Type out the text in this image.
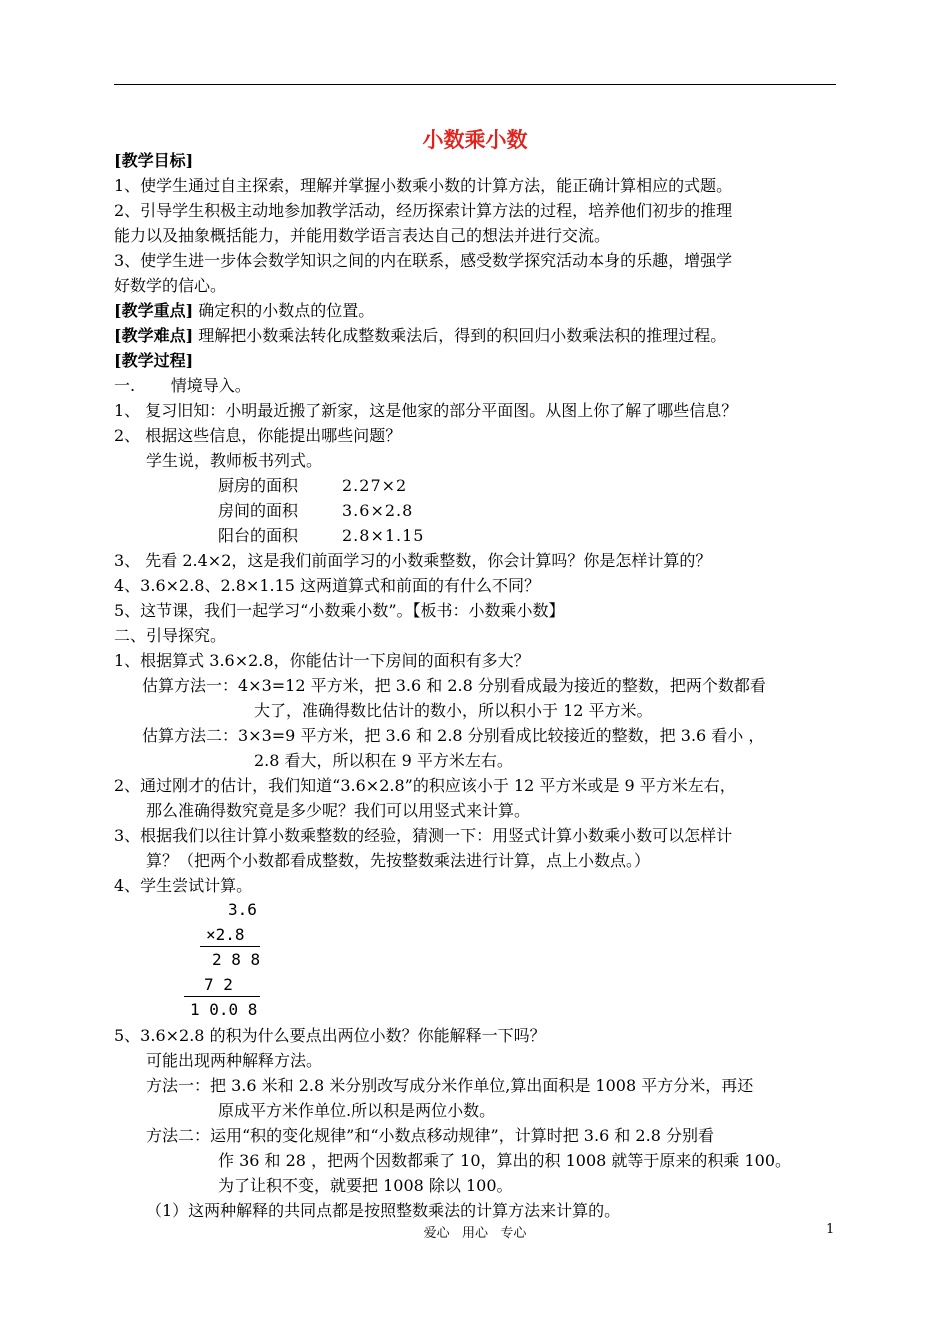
小数乘小数
[教学目标]
1、使学生通过自主探索，理解并掌握小数乘小数的计算方法，能正确计算相应的式题。
2、引导学生积极主动地参加教学活动，经历探索计算方法的过程，培养他们初步的推理
能力以及抽象概括能力，并能用数学语言表达自己的想法并进行交流。
3、使学生进一步体会数学知识之间的内在联系，感受数学探究活动本身的乐趣，增强学
好数学的信心。
[教学重点] 确定积的小数点的位置。
[教学难点] 理解把小数乘法转化成整数乘法后，得到的积回归小数乘法积的推理过程。
[教学过程]
一.       情境导入。
1、 复习旧知：小明最近搬了新家，这是他家的部分平面图。从图上你了解了哪些信息？
2、 根据这些信息，你能提出哪些问题？
学生说，教师板书列式。
厨房的面积	2.27×2
房间的面积	3.6×2.8
阳台的面积	2.8×1.15
3、 先看 2.4×2，这是我们前面学习的小数乘整数，你会计算吗？你是怎样计算的？
4、3.6×2.8、2.8×1.15 这两道算式和前面的有什么不同？
5、这节课，我们一起学习“小数乘小数”。【板书：小数乘小数】
二、引导探究。
1、根据算式 3.6×2.8，你能估计一下房间的面积有多大？
估算方法一：4×3=12 平方米，把 3.6 和 2.8 分别看成最为接近的整数，把两个数都看
大了，准确得数比估计的数小，所以积小于 12 平方米。
估算方法二：3×3=9 平方米，把 3.6 和 2.8 分别看成比较接近的整数，把 3.6 看小 ，
2.8 看大，所以积在 9 平方米左右。
2、通过刚才的估计，我们知道“3.6×2.8”的积应该小于 12 平方米或是 9 平方米左右，
那么准确得数究竟是多少呢？我们可以用竖式来计算。
3、根据我们以往计算小数乘整数的经验，猜测一下：用竖式计算小数乘小数可以怎样计
算？（把两个小数都看成整数，先按整数乘法进行计算，点上小数点。）
4、学生尝试计算。
3.6
×2.8
2 8 8
7 2
1 0.0 8
5、3.6×2.8 的积为什么要点出两位小数？你能解释一下吗？
可能出现两种解释方法。
方法一：把 3.6 米和 2.8 米分别改写成分米作单位,算出面积是 1008 平方分米，再还
原成平方米作单位.所以积是两位小数。
方法二：运用“积的变化规律”和“小数点移动规律”，计算时把 3.6 和 2.8 分别看
作 36 和 28 ，把两个因数都乘了 10，算出的积 1008 就等于原来的积乘 100。
为了让积不变，就要把 1008 除以 100。
（1）这两种解释的共同点都是按照整数乘法的计算方法来计算的。
爱心   用心   专心	1
